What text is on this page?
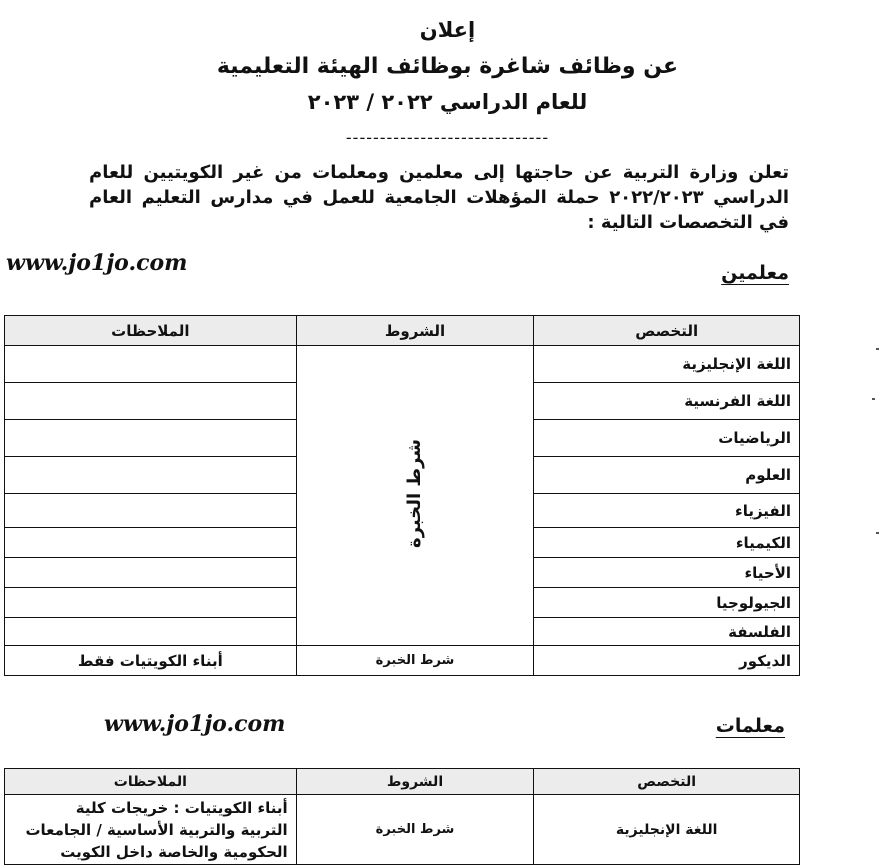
إعلان
عن وظائف شاغرة بوظائف الهيئة التعليمية
للعام الدراسي ٢٠٢٢ / ٢٠٢٣
------------------------------
تعلن وزارة التربية عن حاجتها إلى معلمين ومعلمات من غير الكويتيين للعام الدراسي ٢٠٢٢/٢٠٢٣ حملة المؤهلات الجامعية للعمل في مدارس التعليم العام في التخصصات التالية :
www.jo1jo.com	معلمين
التخصص	الشروط	الملاحظات
اللغة الإنجليزية	شرط الخبرة	
اللغة الفرنسية		
الرياضيات		
العلوم		
الفيزياء		
الكيمياء		
الأحياء		
الجيولوجيا		
الفلسفة		
الديكور	شرط الخبرة	أبناء الكويتيات فقط
www.jo1jo.com	معلمات
التخصص	الشروط	الملاحظات
اللغة الإنجليزية	شرط الخبرة	أبناء الكويتيات : خريجات كلية
التربية والتربية الأساسية / الجامعات
الحكومية والخاصة داخل الكويت
